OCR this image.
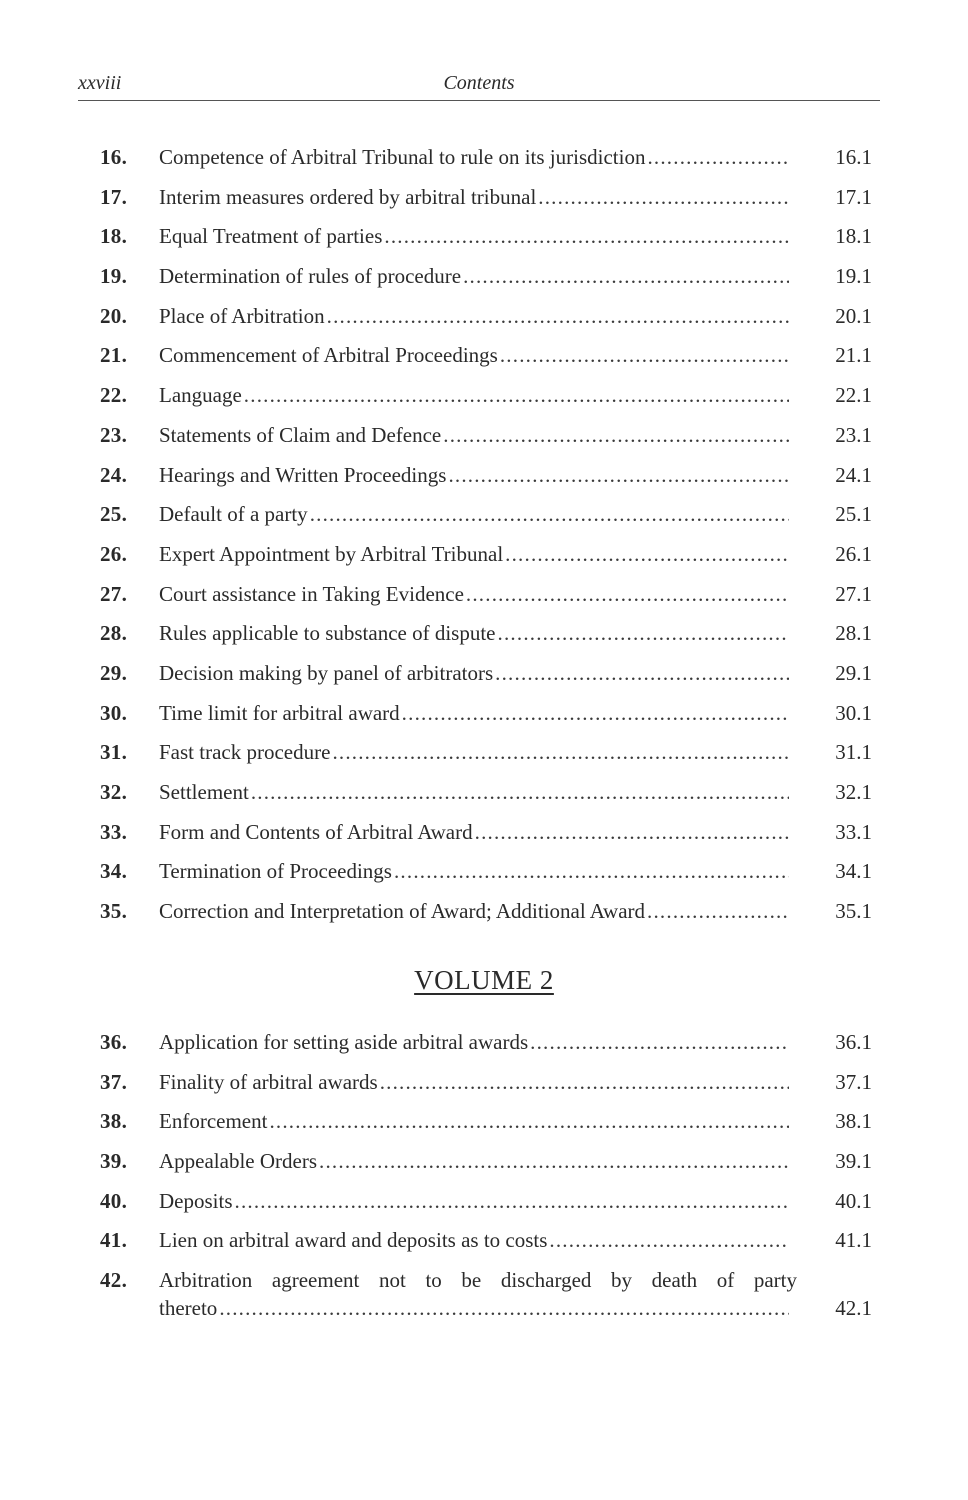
xxviii	Contents
16. Competence of Arbitral Tribunal to rule on its jurisdiction .....	16.1
17. Interim measures ordered by arbitral tribunal .....	17.1
18. Equal Treatment of parties .....	18.1
19. Determination of rules of procedure .....	19.1
20. Place of Arbitration .....	20.1
21. Commencement of Arbitral Proceedings .....	21.1
22. Language .....	22.1
23. Statements of Claim and Defence .....	23.1
24. Hearings and Written Proceedings .....	24.1
25. Default of a party .....	25.1
26. Expert Appointment by Arbitral Tribunal .....	26.1
27. Court assistance in Taking Evidence .....	27.1
28. Rules applicable to substance of dispute .....	28.1
29. Decision making by panel of arbitrators .....	29.1
30. Time limit for arbitral award .....	30.1
31. Fast track procedure .....	31.1
32. Settlement .....	32.1
33. Form and Contents of Arbitral Award .....	33.1
34. Termination of Proceedings .....	34.1
35. Correction and Interpretation of Award; Additional Award .....	35.1
VOLUME 2
36. Application for setting aside arbitral awards .....	36.1
37. Finality of arbitral awards .....	37.1
38. Enforcement .....	38.1
39. Appealable Orders .....	39.1
40. Deposits .....	40.1
41. Lien on arbitral award and deposits as to costs .....	41.1
42. Arbitration agreement not to be discharged by death of party
thereto .....	42.1
